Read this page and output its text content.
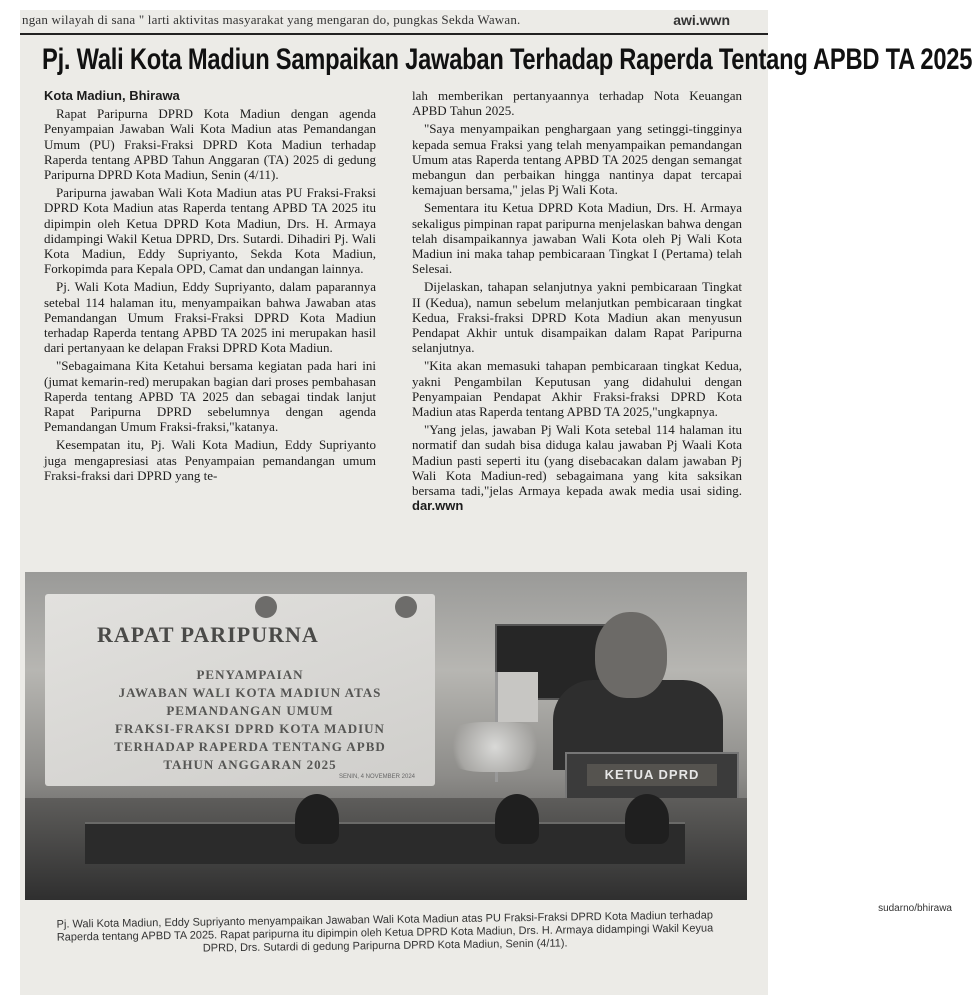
ngan wilayah di sana " larti aktivitas masyarakat yang mengaran do, pungkas Sekda Wawan.	awi.wwn
Pj. Wali Kota Madiun Sampaikan Jawaban Terhadap Raperda Tentang APBD TA 2025

Kota Madiun, Bhirawa

Rapat Paripurna DPRD Kota Madiun dengan agenda Penyampaian Jawaban Wali Kota Madiun atas Pemandangan Umum (PU) Fraksi-Fraksi DPRD Kota Madiun terhadap Raperda tentang APBD Tahun Anggaran (TA) 2025 di gedung Paripurna DPRD Kota Madiun, Senin (4/11).

Paripurna jawaban Wali Kota Madiun atas PU Fraksi-Fraksi DPRD Kota Madiun atas Raperda tentang APBD TA 2025 itu dipimpin oleh Ketua DPRD Kota Madiun, Drs. H. Armaya didampingi Wakil Ketua DPRD, Drs. Sutardi. Dihadiri Pj. Wali Kota Madiun, Eddy Supriyanto, Sekda Kota Madiun, Forkopimda para Kepala OPD, Camat dan undangan lainnya.

Pj. Wali Kota Madiun, Eddy Supriyanto, dalam paparannya setebal 114 halaman itu, menyampaikan bahwa Jawaban atas Pemandangan Umum Fraksi-Fraksi DPRD Kota Madiun terhadap Raperda tentang APBD TA 2025 ini merupakan hasil dari pertanyaan ke delapan Fraksi DPRD Kota Madiun.

"Sebagaimana Kita Ketahui bersama kegiatan pada hari ini (jumat kemarin-red) merupakan bagian dari proses pembahasan Raperda tentang APBD TA 2025 dan sebagai tindak lanjut Rapat Paripurna DPRD sebelumnya dengan agenda Pemandangan Umum Fraksi-fraksi,"katanya.

Kesempatan itu, Pj. Wali Kota Madiun, Eddy Supriyanto juga mengapresiasi atas Penyampaian pemandangan umum Fraksi-fraksi dari DPRD yang te-

lah memberikan pertanyaannya terhadap Nota Keuangan APBD Tahun 2025.

"Saya menyampaikan penghargaan yang setinggi-tingginya kepada semua Fraksi yang telah menyampaikan pemandangan Umum atas Raperda tentang APBD TA 2025 dengan semangat mebangun dan perbaikan hingga nantinya dapat tercapai kemajuan bersama," jelas Pj Wali Kota.

Sementara itu Ketua DPRD Kota Madiun, Drs. H. Armaya sekaligus pimpinan rapat paripurna menjelaskan bahwa dengan telah disampaikannya jawaban Wali Kota oleh Pj Wali Kota Madiun ini maka tahap pembicaraan Tingkat I (Pertama) telah Selesai.

Dijelaskan, tahapan selanjutnya yakni pembicaraan Tingkat II (Kedua), namun sebelum melanjutkan pembicaraan tingkat Kedua, Fraksi-fraksi DPRD Kota Madiun akan menyusun Pendapat Akhir untuk disampaikan dalam Rapat Paripurna selanjutnya.

"Kita akan memasuki tahapan pembicaraan tingkat Kedua, yakni Pengambilan Keputusan yang didahului dengan Penyampaian Pendapat Akhir Fraksi-fraksi DPRD Kota Madiun atas Raperda tentang APBD TA 2025,"ungkapnya.

"Yang jelas, jawaban Pj Wali Kota setebal 114 halaman itu normatif dan sudah bisa diduga kalau jawaban Pj Waali Kota Madiun pasti seperti itu (yang disebacakan dalam jawaban Pj Wali Kota Madiun-red) sebagaimana yang kita saksikan bersama tadi,"jelas Armaya kepada awak media usai siding. dar.wwn

RAPAT PARIPURNA
PENYAMPAIAN
JAWABAN WALI KOTA MADIUN ATAS
PEMANDANGAN UMUM
FRAKSI-FRAKSI DPRD KOTA MADIUN
TERHADAP RAPERDA TENTANG APBD
TAHUN ANGGARAN 2025
SENIN, 4 NOVEMBER 2024	KETUA DPRD
sudarno/bhirawa
Pj. Wali Kota Madiun, Eddy Supriyanto menyampaikan Jawaban Wali Kota Madiun atas PU Fraksi-Fraksi DPRD Kota Madiun terhadap Raperda tentang APBD TA 2025. Rapat paripurna itu dipimpin oleh Ketua DPRD Kota Madiun, Drs. H. Armaya didampingi Wakil Keyua DPRD, Drs. Sutardi di gedung Paripurna DPRD Kota Madiun, Senin (4/11).
